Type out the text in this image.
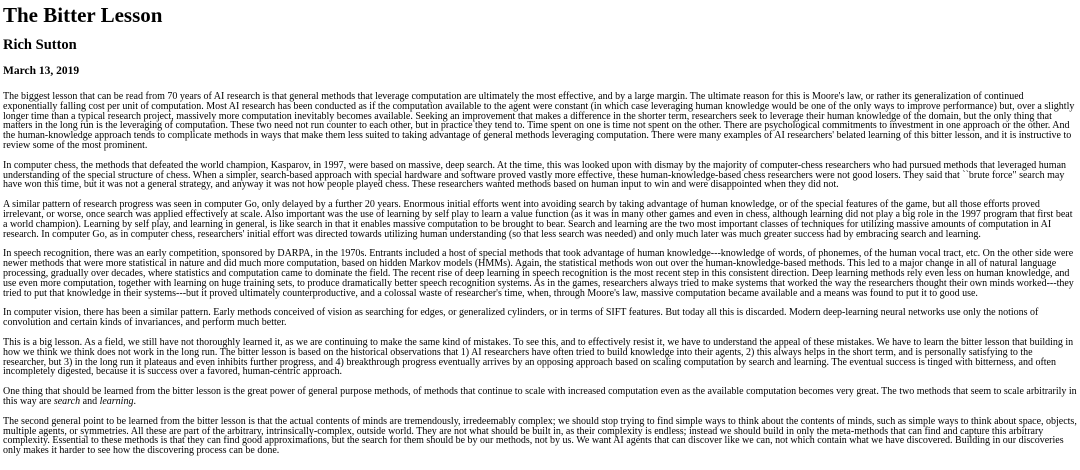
The Bitter Lesson
Rich Sutton
March 13, 2019

The biggest lesson that can be read from 70 years of AI research is that general methods that leverage computation are ultimately the most effective, and by a large margin. The ultimate reason for this is Moore's law, or rather its generalization of continued exponentially falling cost per unit of computation. Most AI research has been conducted as if the computation available to the agent were constant (in which case leveraging human knowledge would be one of the only ways to improve performance) but, over a slightly longer time than a typical research project, massively more computation inevitably becomes available. Seeking an improvement that makes a difference in the shorter term, researchers seek to leverage their human knowledge of the domain, but the only thing that matters in the long run is the leveraging of computation. These two need not run counter to each other, but in practice they tend to. Time spent on one is time not spent on the other. There are psychological commitments to investment in one approach or the other. And the human-knowledge approach tends to complicate methods in ways that make them less suited to taking advantage of general methods leveraging computation. There were many examples of AI researchers' belated learning of this bitter lesson, and it is instructive to review some of the most prominent.

In computer chess, the methods that defeated the world champion, Kasparov, in 1997, were based on massive, deep search. At the time, this was looked upon with dismay by the majority of computer-chess researchers who had pursued methods that leveraged human understanding of the special structure of chess. When a simpler, search-based approach with special hardware and software proved vastly more effective, these human-knowledge-based chess researchers were not good losers. They said that ``brute force" search may have won this time, but it was not a general strategy, and anyway it was not how people played chess. These researchers wanted methods based on human input to win and were disappointed when they did not.

A similar pattern of research progress was seen in computer Go, only delayed by a further 20 years. Enormous initial efforts went into avoiding search by taking advantage of human knowledge, or of the special features of the game, but all those efforts proved irrelevant, or worse, once search was applied effectively at scale. Also important was the use of learning by self play to learn a value function (as it was in many other games and even in chess, although learning did not play a big role in the 1997 program that first beat a world champion). Learning by self play, and learning in general, is like search in that it enables massive computation to be brought to bear. Search and learning are the two most important classes of techniques for utilizing massive amounts of computation in AI research. In computer Go, as in computer chess, researchers' initial effort was directed towards utilizing human understanding (so that less search was needed) and only much later was much greater success had by embracing search and learning.

In speech recognition, there was an early competition, sponsored by DARPA, in the 1970s. Entrants included a host of special methods that took advantage of human knowledge---knowledge of words, of phonemes, of the human vocal tract, etc. On the other side were newer methods that were more statistical in nature and did much more computation, based on hidden Markov models (HMMs). Again, the statistical methods won out over the human-knowledge-based methods. This led to a major change in all of natural language processing, gradually over decades, where statistics and computation came to dominate the field. The recent rise of deep learning in speech recognition is the most recent step in this consistent direction. Deep learning methods rely even less on human knowledge, and use even more computation, together with learning on huge training sets, to produce dramatically better speech recognition systems. As in the games, researchers always tried to make systems that worked the way the researchers thought their own minds worked---they tried to put that knowledge in their systems---but it proved ultimately counterproductive, and a colossal waste of researcher's time, when, through Moore's law, massive computation became available and a means was found to put it to good use.

In computer vision, there has been a similar pattern. Early methods conceived of vision as searching for edges, or generalized cylinders, or in terms of SIFT features. But today all this is discarded. Modern deep-learning neural networks use only the notions of convolution and certain kinds of invariances, and perform much better.

This is a big lesson. As a field, we still have not thoroughly learned it, as we are continuing to make the same kind of mistakes. To see this, and to effectively resist it, we have to understand the appeal of these mistakes. We have to learn the bitter lesson that building in how we think we think does not work in the long run. The bitter lesson is based on the historical observations that 1) AI researchers have often tried to build knowledge into their agents, 2) this always helps in the short term, and is personally satisfying to the researcher, but 3) in the long run it plateaus and even inhibits further progress, and 4) breakthrough progress eventually arrives by an opposing approach based on scaling computation by search and learning. The eventual success is tinged with bitterness, and often incompletely digested, because it is success over a favored, human-centric approach.

One thing that should be learned from the bitter lesson is the great power of general purpose methods, of methods that continue to scale with increased computation even as the available computation becomes very great. The two methods that seem to scale arbitrarily in this way are search and learning.

The second general point to be learned from the bitter lesson is that the actual contents of minds are tremendously, irredeemably complex; we should stop trying to find simple ways to think about the contents of minds, such as simple ways to think about space, objects, multiple agents, or symmetries. All these are part of the arbitrary, intrinsically-complex, outside world. They are not what should be built in, as their complexity is endless; instead we should build in only the meta-methods that can find and capture this arbitrary complexity. Essential to these methods is that they can find good approximations, but the search for them should be by our methods, not by us. We want AI agents that can discover like we can, not which contain what we have discovered. Building in our discoveries only makes it harder to see how the discovering process can be done.
